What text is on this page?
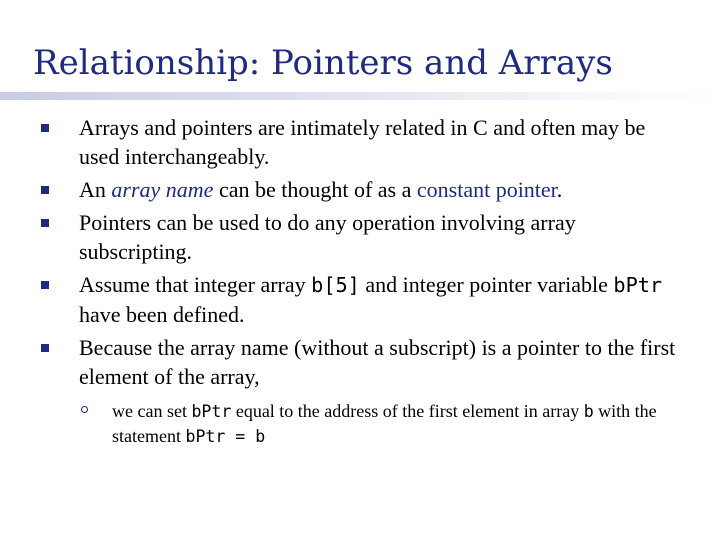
Relationship: Pointers and Arrays
Arrays and pointers are intimately related in C and often may be used interchangeably.
An array name can be thought of as a constant pointer.
Pointers can be used to do any operation involving array subscripting.
Assume that integer array b[5] and integer pointer variable bPtr have been defined.
Because the array name (without a subscript) is a pointer to the first element of the array,
we can set bPtr equal to the address of the first element in array b with the statement bPtr = b
